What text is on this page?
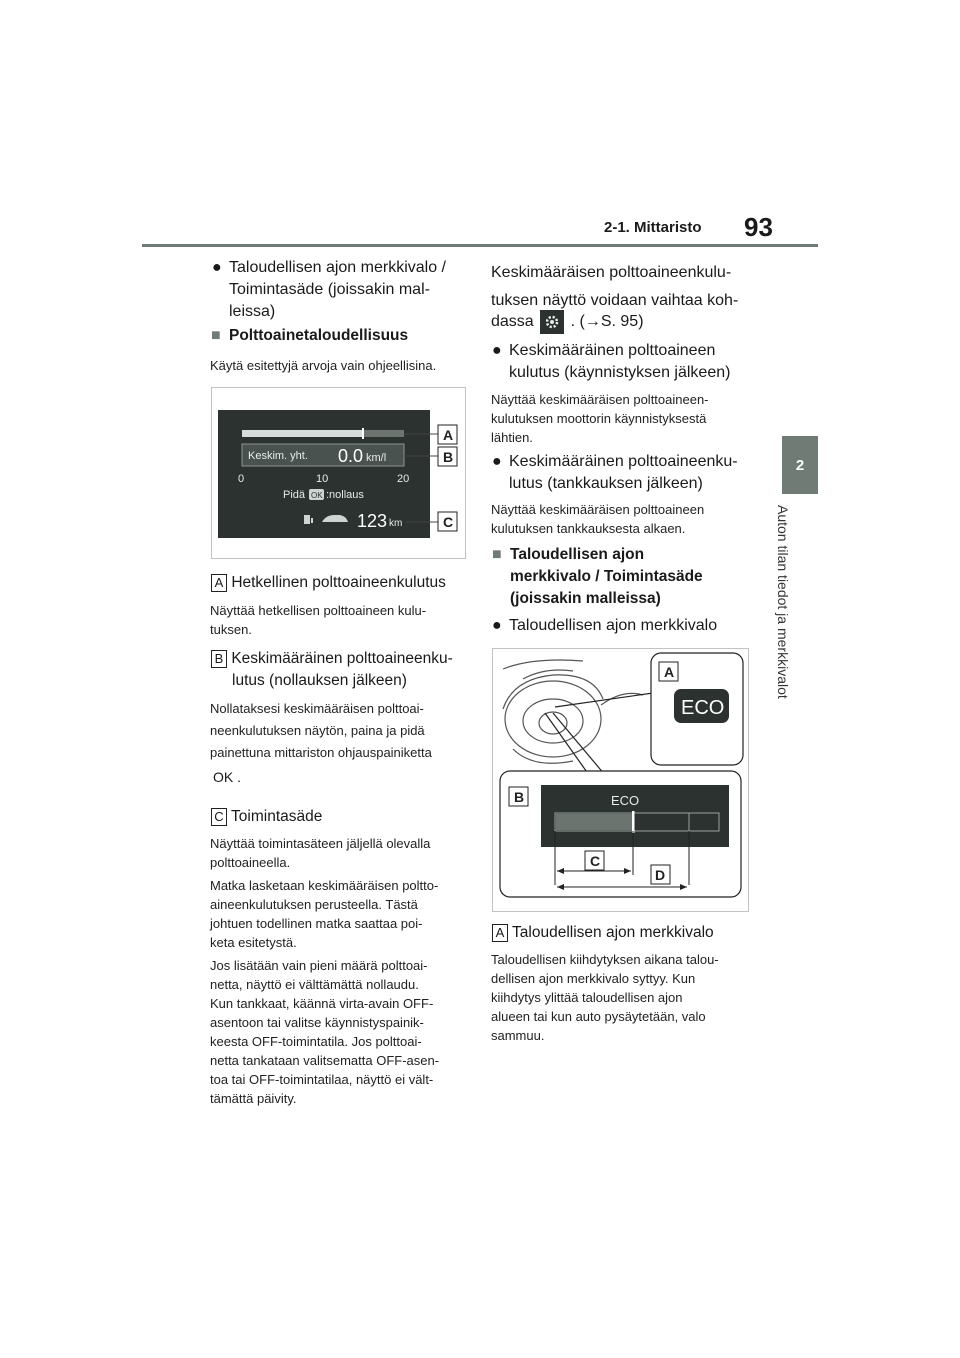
2-1. Mittaristo 93
2
Auton tilan tiedot ja merkkivalot
● Taloudellisen ajon merkkivalo /
Toimintasäde (joissakin mal-
leissa)
■ Polttoainetaloudellisuus
Käytä esitettyjä arvoja vain ohjeellisina.
Keskim. yht. 0.0 km/l
0	10	20
Pidä OK :nollaus
123 km
A
B
C
A Hetkellinen polttoaineenkulutus
Näyttää hetkellisen polttoaineen kulu-
tuksen.
B Keskimääräinen polttoaineenku-
lutus (nollauksen jälkeen)
Nollataksesi keskimääräisen polttoai-
neenkulutuksen näytön, paina ja pidä
painettuna mittariston ohjauspainiketta
OK .
C Toimintasäde
Näyttää toimintasäteen jäljellä olevalla
polttoaineella.
Matka lasketaan keskimääräisen poltto-
aineenkulutuksen perusteella. Tästä
johtuen todellinen matka saattaa poi-
keta esitetystä.
Jos lisätään vain pieni määrä polttoai-
netta, näyttö ei välttämättä nollaudu.
Kun tankkaat, käännä virta-avain OFF-
asentoon tai valitse käynnistyspainik-
keesta OFF-toimintatila. Jos polttoai-
netta tankataan valitsematta OFF-asen-
toa tai OFF-toimintatilaa, näyttö ei vält-
tämättä päivity.
Keskimääräisen polttoaineenkulu-
tuksen näyttö voidaan vaihtaa koh-
dassa . (→S. 95)
● Keskimääräinen polttoaineen
kulutus (käynnistyksen jälkeen)
Näyttää keskimääräisen polttoaineen-
kulutuksen moottorin käynnistyksestä
lähtien.
● Keskimääräinen polttoaineenku-
lutus (tankkauksen jälkeen)
Näyttää keskimääräisen polttoaineen
kulutuksen tankkauksesta alkaen.
■ Taloudellisen ajon
merkkivalo / Toimintasäde
(joissakin malleissa)
● Taloudellisen ajon merkkivalo
A
ECO
B	ECO
C
D
A Taloudellisen ajon merkkivalo
Taloudellisen kiihdytyksen aikana talou-
dellisen ajon merkkivalo syttyy. Kun
kiihdytys ylittää taloudellisen ajon
alueen tai kun auto pysäytetään, valo
sammuu.
